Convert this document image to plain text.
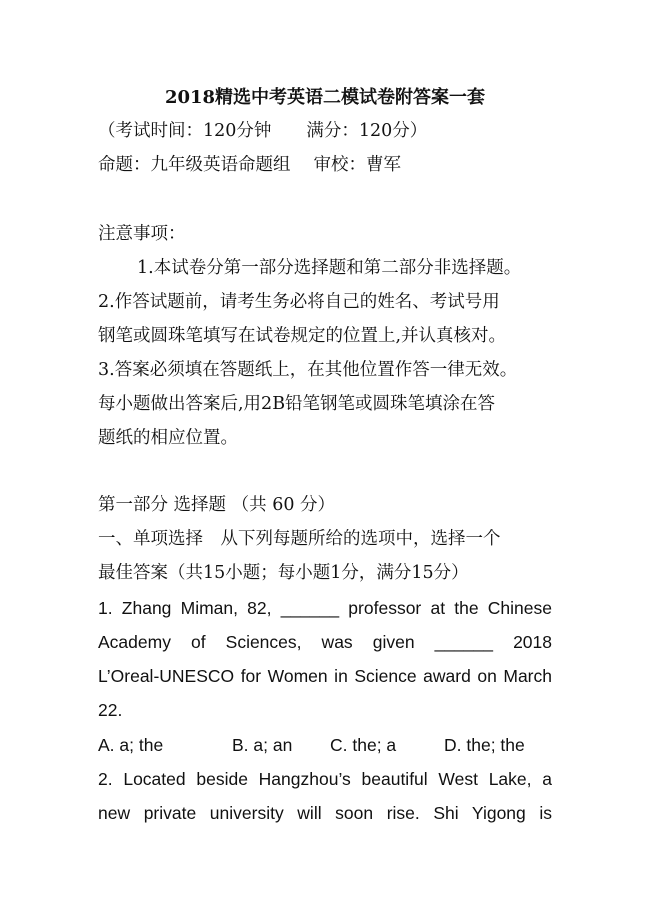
2018精选中考英语二模试卷附答案一套
（考试时间：120分钟　　满分：120分）
命题：九年级英语命题组　 审校：曹军
注意事项：
1.本试卷分第一部分选择题和第二部分非选择题。
2.作答试题前，请考生务必将自己的姓名、考试号用
钢笔或圆珠笔填写在试卷规定的位置上,并认真核对。
3.答案必须填在答题纸上，在其他位置作答一律无效。
每小题做出答案后,用2B铅笔钢笔或圆珠笔填涂在答
题纸的相应位置。
第一部分 选择题 （共 60 分）
一、单项选择　从下列每题所给的选项中，选择一个
最佳答案（共15小题；每小题1分，满分15分）
1. Zhang Miman, 82, ______ professor at the Chinese
Academy of Sciences, was given ______ 2018
L’Oreal-UNESCO for Women in Science award on March
22.
A. a; the	B. a; an	C. the; a	D. the; the
2. Located beside Hangzhou’s beautiful West Lake, a
new private university will soon rise. Shi Yigong is
